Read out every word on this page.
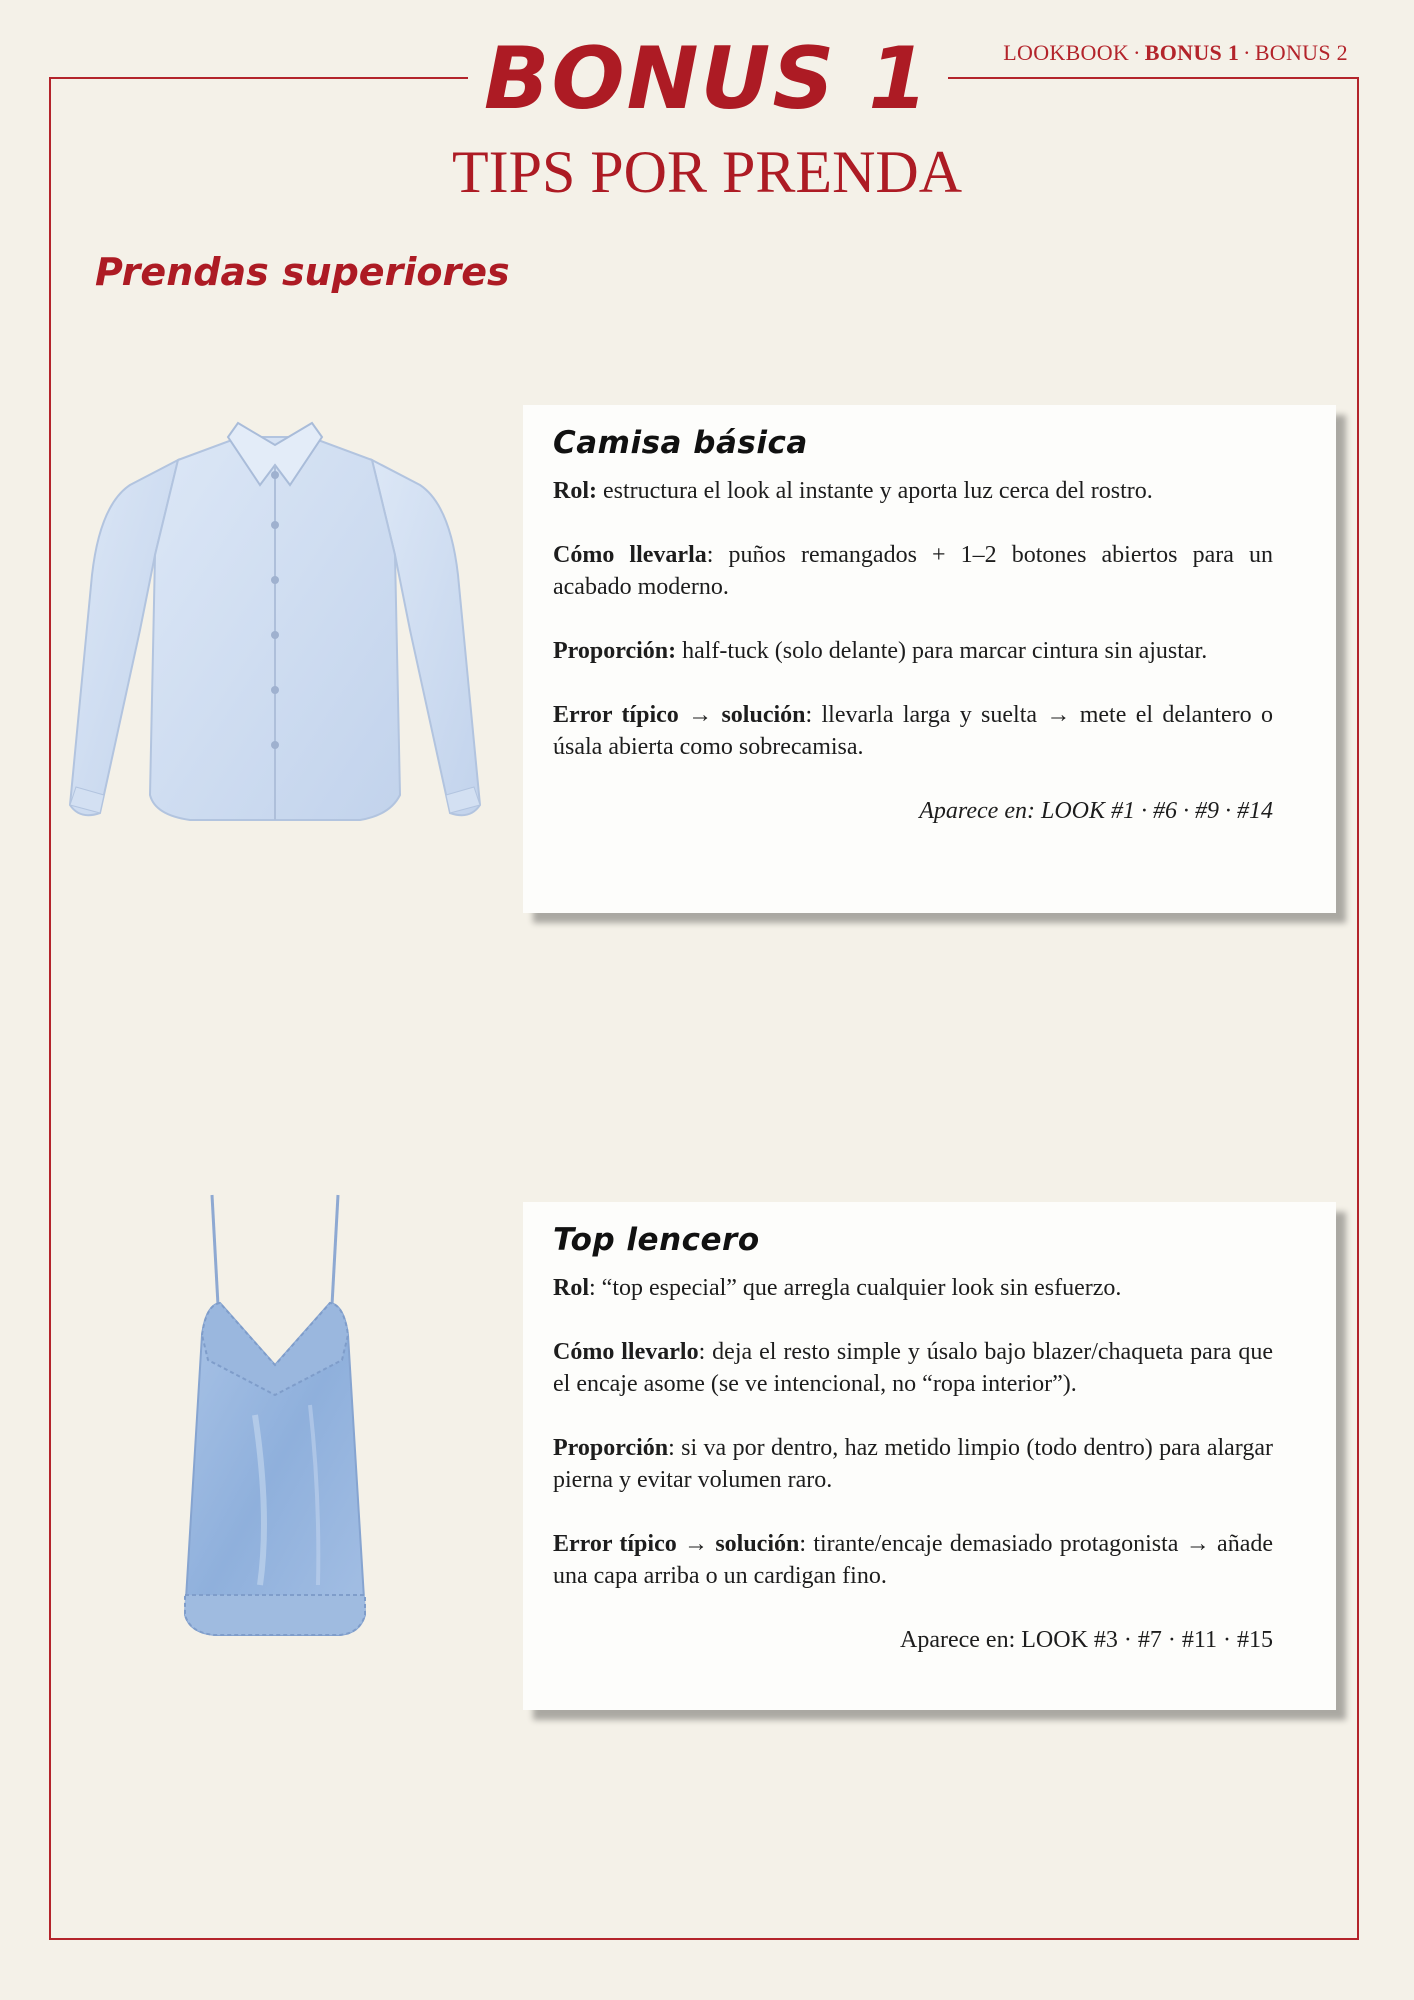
LOOKBOOK · BONUS 1 · BONUS 2
BONUS 1
TIPS POR PRENDA
Prendas superiores
Camisa básica

Rol: estructura el look al instante y aporta luz cerca del rostro.

Cómo llevarla: puños remangados + 1–2 botones abiertos para un acabado moderno.

Proporción: half-tuck (solo delante) para marcar cintura sin ajustar.

Error típico → solución: llevarla larga y suelta → mete el delantero o úsala abierta como sobrecamisa.

Aparece en: LOOK #1 · #6 · #9 · #14

Top lencero

Rol: “top especial” que arregla cualquier look sin esfuerzo.

Cómo llevarlo: deja el resto simple y úsalo bajo blazer/chaqueta para que el encaje asome (se ve intencional, no “ropa interior”).

Proporción: si va por dentro, haz metido limpio (todo dentro) para alargar pierna y evitar volumen raro.

Error típico → solución: tirante/encaje demasiado protagonista → añade una capa arriba o un cardigan fino.

Aparece en: LOOK #3 · #7 · #11 · #15
